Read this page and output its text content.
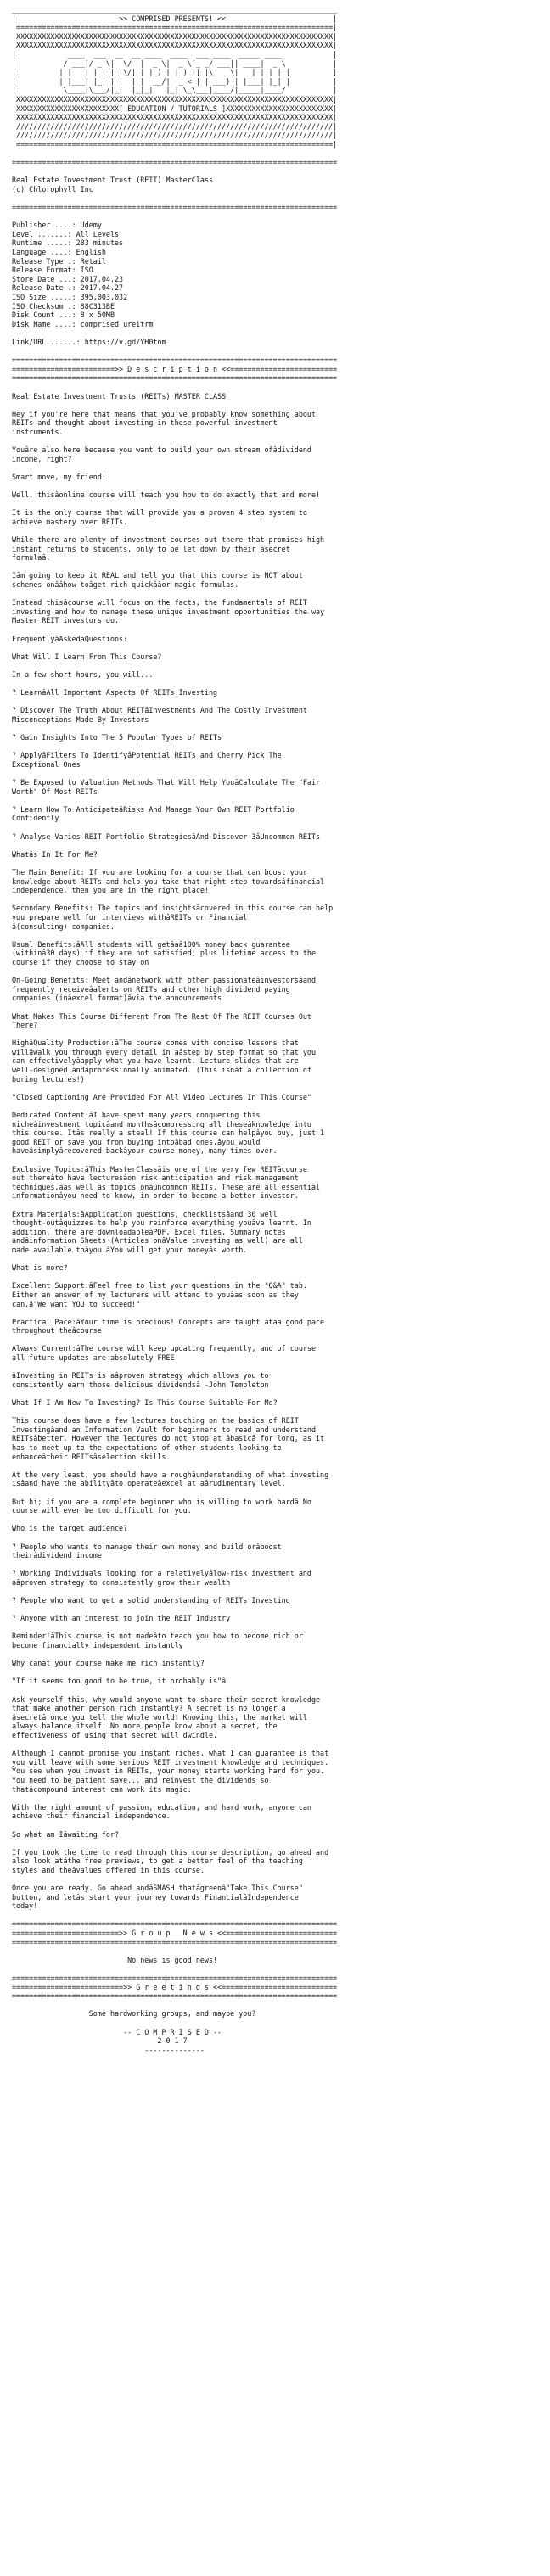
____________________________________________________________________________
|                        >> COMPRISED PRESENTS! <<                         |
|==========================================================================|
|XXXXXXXXXXXXXXXXXXXXXXXXXXXXXXXXXXXXXXXXXXXXXXXXXXXXXXXXXXXXXXXXXXXXXXXXXX|
|XXXXXXXXXXXXXXXXXXXXXXXXXXXXXXXXXXXXXXXXXXXXXXXXXXXXXXXXXXXXXXXXXXXXXXXXXX|
|            ____  ___  __  __ ____  ____  ___ ____  _____ ____            |
|           / ___|/ _ \|  \/  |  _ \|  _ \|_ _/ ___|| ____|  _ \           |
|          | |   | | | | |\/| | |_) | |_) || |\___ \|  _| | | | |          |
|          | |___| |_| | |  | |  __/|  _ < | | ___) | |___| |_| |          |
|           \____|\___/|_|  |_|_|   |_| \_\___|____/|_____|____/           |
|XXXXXXXXXXXXXXXXXXXXXXXXXXXXXXXXXXXXXXXXXXXXXXXXXXXXXXXXXXXXXXXXXXXXXXXXXX|
|XXXXXXXXXXXXXXXXXXXXXXXX[ EDUCATION / TUTORIALS ]XXXXXXXXXXXXXXXXXXXXXXXXX|
|XXXXXXXXXXXXXXXXXXXXXXXXXXXXXXXXXXXXXXXXXXXXXXXXXXXXXXXXXXXXXXXXXXXXXXXXXX|
|//////////////////////////////////////////////////////////////////////////|
|//////////////////////////////////////////////////////////////////////////|
|==========================================================================|

============================================================================

Real Estate Investment Trust (REIT) MasterClass
(c) Chlorophyll Inc

============================================================================

Publisher ....: Udemy
Level .......: All Levels
Runtime .....: 283 minutes
Language ....: English
Release Type .: Retail
Release Format: ISO
Store Date ...: 2017.04.23
Release Date .: 2017.04.27
ISO Size .....: 395,003,032
ISO Checksum .: 88C313BE
Disk Count ...: 8 x 50MB
Disk Name ....: comprised_ureitrm

Link/URL ......: https://v.gd/YH0tnm

============================================================================
========================>> D e s c r i p t i o n <<=========================
============================================================================

Real Estate Investment Trusts (REITs) MASTER CLASS

Hey if you're here that means that you've probably know something about
REITs and thought about investing in these powerful investment
instruments.

Youâre also here because you want to build your own stream ofâdividend
income, right?

Smart move, my friend!

Well, thisâonline course will teach you how to do exactly that and more!

It is the only course that will provide you a proven 4 step system to
achieve mastery over REITs.

While there are plenty of investment courses out there that promises high
instant returns to students, only to be let down by their âsecret
formulaâ.

Iâm going to keep it REAL and tell you that this course is NOT about
schemes onââhow toâget rich quickââor magic formulas.

Instead thisâcourse will focus on the facts, the fundamentals of REIT
investing and how to manage these unique investment opportunities the way
Master REIT investors do.

FrequentlyâAskedâQuestions:

What Will I Learn From This Course?

In a few short hours, you will...

? LearnâAll Important Aspects Of REITs Investing

? Discover The Truth About REITâInvestments And The Costly Investment
Misconceptions Made By Investors

? Gain Insights Into The 5 Popular Types of REITs

? ApplyâFilters To IdentifyâPotential REITs and Cherry Pick The
Exceptional Ones

? Be Exposed to Valuation Methods That Will Help YouâCalculate The "Fair
Worth" Of Most REITs

? Learn How To AnticipateâRisks And Manage Your Own REIT Portfolio
Confidently

? Analyse Varies REIT Portfolio StrategiesâAnd Discover 3âUncommon REITs

Whatâs In It For Me?

The Main Benefit: If you are looking for a course that can boost your
knowledge about REITs and help you take that right step towardsâfinancial
independence, then you are in the right place!

Secondary Benefits: The topics and insightsâcovered in this course can help
you prepare well for interviews withâREITs or Financial
â(consulting) companies.

Usual Benefits:âAll students will getâaâ100% money back guarantee
(withinâ30 days) if they are not satisfied; plus lifetime access to the
course if they choose to stay on

On-Going Benefits: Meet andânetwork with other passionateâinvestorsâand
frequently receiveâalerts on REITs and other high dividend paying
companies (inâexcel format)âvia the announcements

What Makes This Course Different From The Rest Of The REIT Courses Out
There?

HighâQuality Production:âThe course comes with concise lessons that
willâwalk you through every detail in aâstep by step format so that you
can effectivelyâapply what you have learnt. Lecture slides that are
well-designed andâprofessionally animated. (This isnât a collection of
boring lectures!)

"Closed Captioning Are Provided For All Video Lectures In This Course"

Dedicated Content:âI have spent many years conquering this
nicheâinvestment topicâand monthsâcompressing all theseâknowledge into
this course. Itâs really a steal! If this course can helpâyou buy, just 1
good REIT or save you from buying intoâbad ones,âyou would
haveâsimplyârecovered backâyour course money, many times over.

Exclusive Topics:âThis MasterClassâis one of the very few REITâcourse
out thereâto have lecturesâon risk anticipation and risk management
techniques,âas well as topics onâuncommon REITs. These are all essential
informationâyou need to know, in order to become a better investor.

Extra Materials:âApplication questions, checklistsâand 30 well
thought-outâquizzes to help you reinforce everything youâve learnt. In
addition, there are downloadableâPDF, Excel files, Summary notes
andâinformation Sheets (Articles onâValue investing as well) are all
made available toâyou.âYou will get your moneyâs worth.

What is more?

Excellent Support:âFeel free to list your questions in the "Q&A" tab.
Either an answer of my lecturers will attend to youâas soon as they
can.â"We want YOU to succeed!"

Practical Pace:âYour time is precious! Concepts are taught atâa good pace
throughout theâcourse

Always Current:âThe course will keep updating frequently, and of course
all future updates are absolutely FREE

âInvesting in REITs is aâproven strategy which allows you to
consistently earn those delicious dividendsâ -John Templeton

What If I Am New To Investing? Is This Course Suitable For Me?

This course does have a few lectures touching on the basics of REIT
Investingâand an Information Vault for beginners to read and understand
REITsâbetter. However the lectures do not stop at âbasicâ for long, as it
has to meet up to the expectations of other students looking to
enhanceâtheir REITsâselection skills.

At the very least, you should have a roughâunderstanding of what investing
isâand have the abilityâto operateâexcel at aârudimentary level.

But hi; if you are a complete beginner who is willing to work hardâ No
course will ever be too difficult for you.

Who is the target audience?

? People who wants to manage their own money and build orâboost
theirâdividend income

? Working Individuals looking for a relativelyâlow-risk investment and
aâproven strategy to consistently grow their wealth

? People who want to get a solid understanding of REITs Investing

? Anyone with an interest to join the REIT Industry

Reminder!âThis course is not madeâto teach you how to become rich or
become financially independent instantly

Why canât your course make me rich instantly?

"If it seems too good to be true, it probably is"â

Ask yourself this, why would anyone want to share their secret knowledge
that make another person rich instantly? A secret is no longer a
âsecretâ once you tell the whole world! Knowing this, the market will
always balance itself. No more people know about a secret, the
effectiveness of using that secret will dwindle.

Although I cannot promise you instant riches, what I can guarantee is that
you will leave with some serious REIT investment knowledge and techniques.
You see when you invest in REITs, your money starts working hard for you.
You need to be patient save... and reinvest the dividends so
thatâcompound interest can work its magic.

With the right amount of passion, education, and hard work, anyone can
achieve their financial independence.

So what am Iâwaiting for?

If you took the time to read through this course description, go ahead and
also look atâthe free previews, to get a better feel of the teaching
styles and theâvalues offered in this course.

Once you are ready. Go ahead andâSMASH thatâgreenâ"Take This Course"
button, and letâs start your journey towards FinancialâIndependence
today!

============================================================================
=========================>> G r o u p   N e w s <<==========================
============================================================================

No news is good news!

============================================================================
==========================>> G r e e t i n g s <<===========================
============================================================================

Some hardworking groups, and maybe you?

-- C O M P R I S E D --
2 0 1 7
--------------
